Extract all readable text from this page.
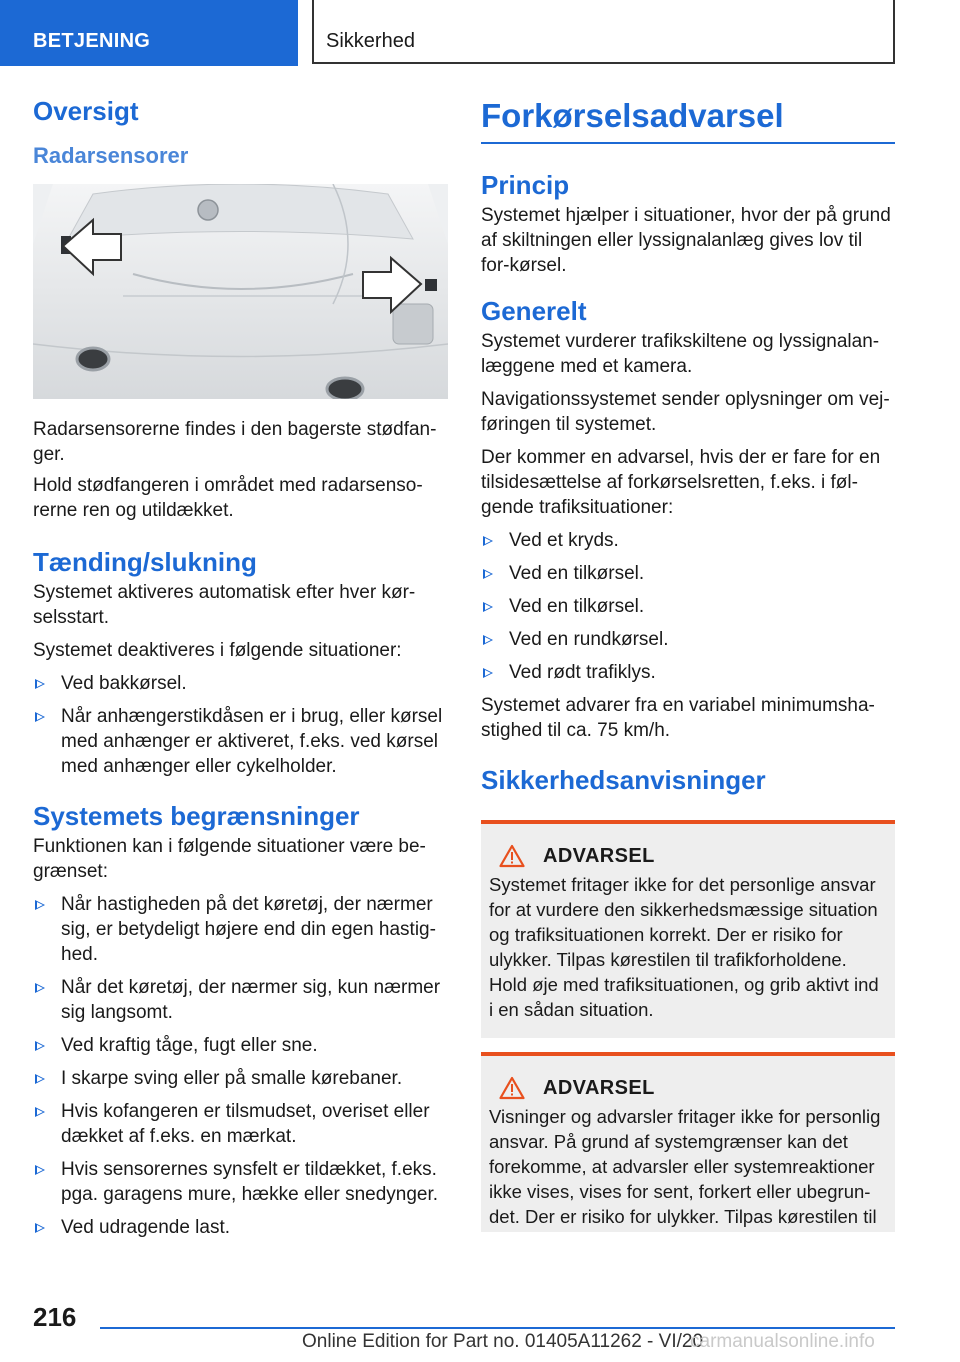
BETJENING	Sikkerhed
Oversigt
Radarsensorer

Radarsensorerne findes i den bagerste stødfan-ger.

Hold stødfangeren i området med radarsenso-rerne ren og utildækket.

Tænding/slukning

Systemet aktiveres automatisk efter hver kør-selsstart.

Systemet deaktiveres i følgende situationer:

Ved bakkørsel.
Når anhængerstikdåsen er i brug, eller kørsel med anhænger er aktiveret, f.eks. ved kørsel med anhænger eller cykelholder.
Systemets begrænsninger

Funktionen kan i følgende situationer være be-grænset:

Når hastigheden på det køretøj, der nærmer sig, er betydeligt højere end din egen hastig-hed.
Når det køretøj, der nærmer sig, kun nærmer sig langsomt.
Ved kraftig tåge, fugt eller sne.
I skarpe sving eller på smalle kørebaner.
Hvis kofangeren er tilsmudset, overiset eller dækket af f.eks. en mærkat.
Hvis sensorernes synsfelt er tildækket, f.eks. pga. garagens mure, hække eller snedynger.
Ved udragende last.
Forkørselsadvarsel
Princip

Systemet hjælper i situationer, hvor der på grund af skiltningen eller lyssignalanlæg gives lov til for-kørsel.

Generelt

Systemet vurderer trafikskiltene og lyssignalan-læggene med et kamera.

Navigationssystemet sender oplysninger om vej-føringen til systemet.

Der kommer en advarsel, hvis der er fare for en tilsidesættelse af forkørselsretten, f.eks. i føl-gende trafiksituationer:

Ved et kryds.
Ved en tilkørsel.
Ved en tilkørsel.
Ved en rundkørsel.
Ved rødt trafiklys.

Systemet advarer fra en variabel minimumsha-stighed til ca. 75 km/h.

Sikkerhedsanvisninger
ADVARSEL

Systemet fritager ikke for det personlige ansvar for at vurdere den sikkerhedsmæssige situation og trafiksituationen korrekt. Der er risiko for ulykker. Tilpas kørestilen til trafikforholdene. Hold øje med trafiksituationen, og grib aktivt ind i en sådan situation.

ADVARSEL

Visninger og advarsler fritager ikke for personlig ansvar. På grund af systemgrænser kan det forekomme, at advarsler eller systemreaktioner ikke vises, vises for sent, forkert eller ubegrun-det. Der er risiko for ulykker. Tilpas kørestilen til

216
Online Edition for Part no. 01405A11262 - VI/20
carmanualsonline.info
